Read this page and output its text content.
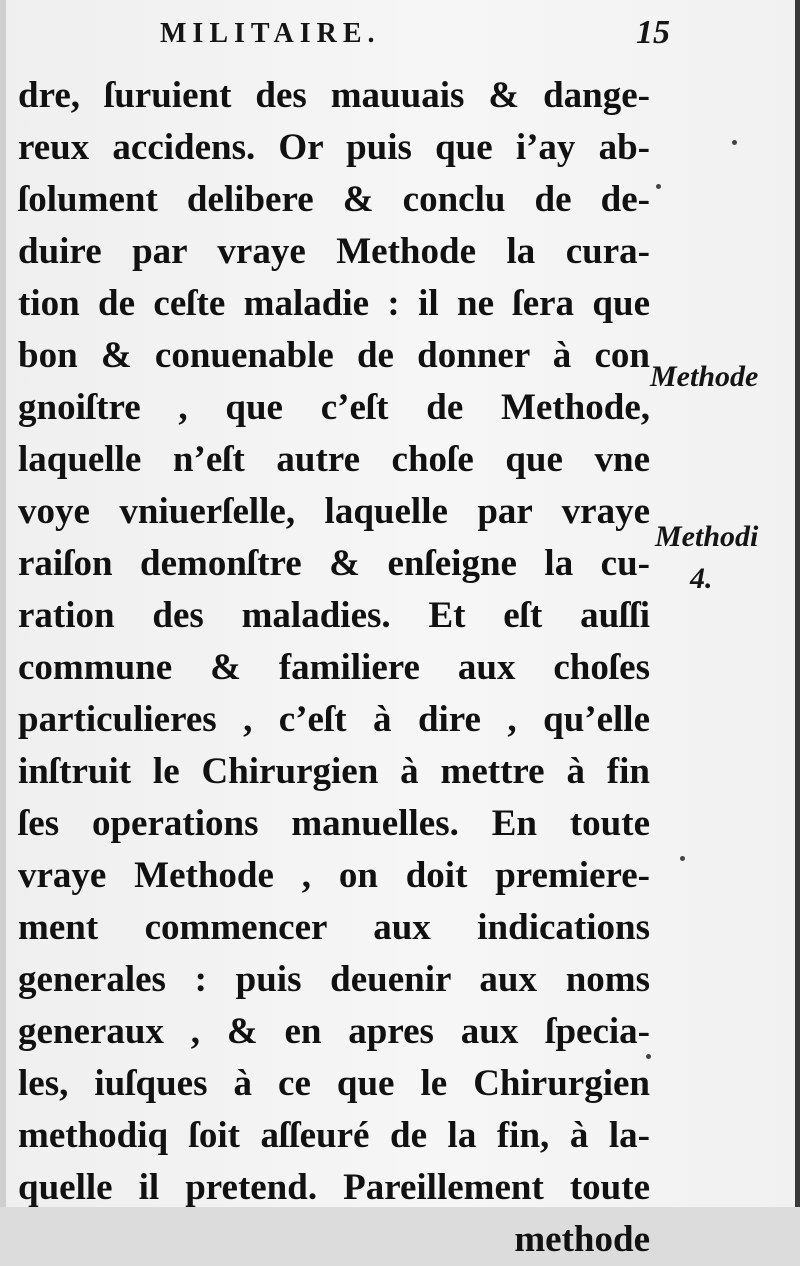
MILITAIRE.	15
dre, ſuruient des mauuais & dange-
reux accidens. Or puis que i’ay ab-
ſolument delibere & conclu de de-
duire par vraye Methode la cura-
tion de ceſte maladie : il ne ſera que
bon & conuenable de donner à con
gnoiſtre , que c’eſt de Methode,
laquelle n’eſt autre choſe que vne
voye vniuerſelle, laquelle par vraye
raiſon demonſtre & enſeigne la cu-
ration des maladies. Et eſt auſſi
commune & familiere aux choſes
particulieres , c’eſt à dire , qu’elle
inſtruit le Chirurgien à mettre à fin
ſes operations manuelles. En toute
vraye Methode , on doit premiere-
ment commencer aux indications
generales : puis deuenir aux noms
generaux , & en apres aux ſpecia-
les, iuſques à ce que le Chirurgien
methodiq ſoit aſſeuré de la fin, à la-
quelle il pretend. Pareillement toute
methode
Methode
Methodi
4.
